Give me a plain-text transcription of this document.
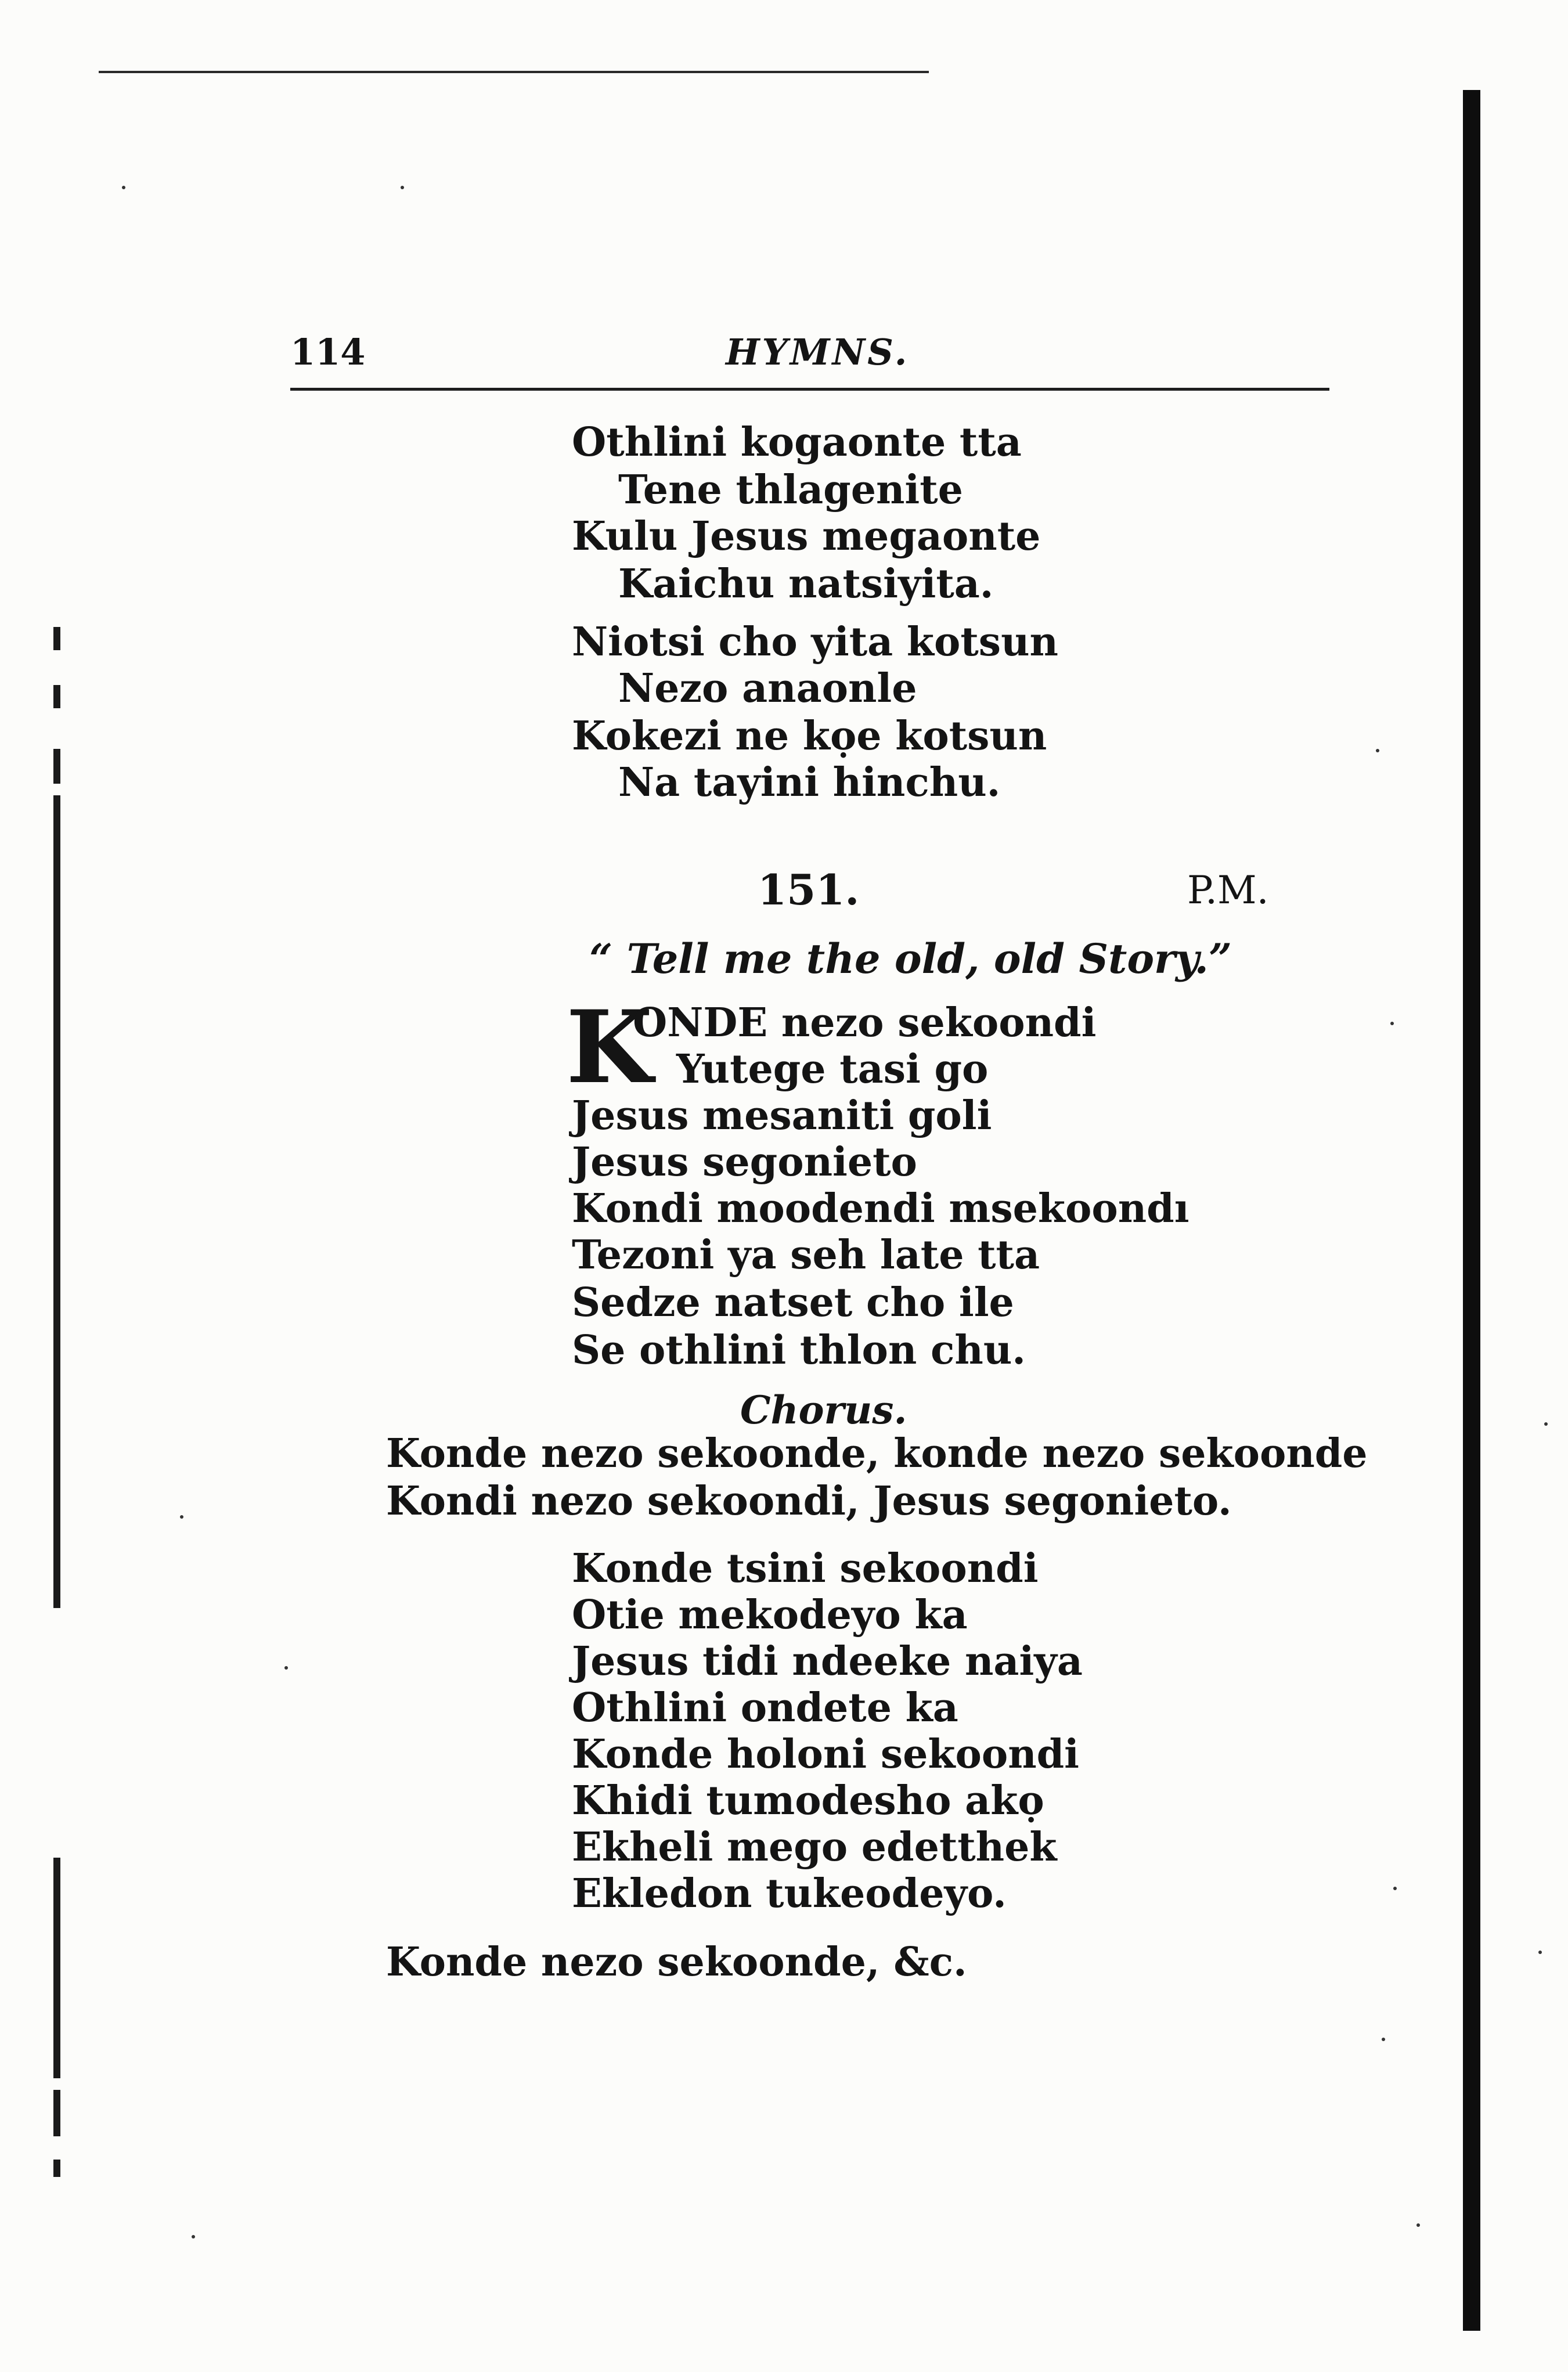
114	HYMNS.
Othlini kogaonte tta
Tene thlagenite
Kulu Jesus megaonte
Kaichu natsiyita.
Niotsi cho yita kotsun
Nezo anaonle
Kokezi ne kọe kotsun
Na tayini hinchu.
151.	P.M.
“ Tell me the old, old Story.”
K
ONDE nezo sekoondi
Yutege tasi go
Jesus mesaniti goli
Jesus segonieto
Kondi moodendi msekoondı
Tezoni ya seh late tta
Sedze natset cho ile
Se othlini thlon chu.
Chorus.
Konde nezo sekoonde, konde nezo sekoonde
Kondi nezo sekoondi, Jesus segonieto.
Konde tsini sekoondi
Otie mekodeyo ka
Jesus tidi ndeeke naiya
Othlini ondete ka
Konde holoni sekoondi
Khidi tumodesho akọ
Ekheli mego edetthek
Ekledon tukeodeyo.
Konde nezo sekoonde, &c.
